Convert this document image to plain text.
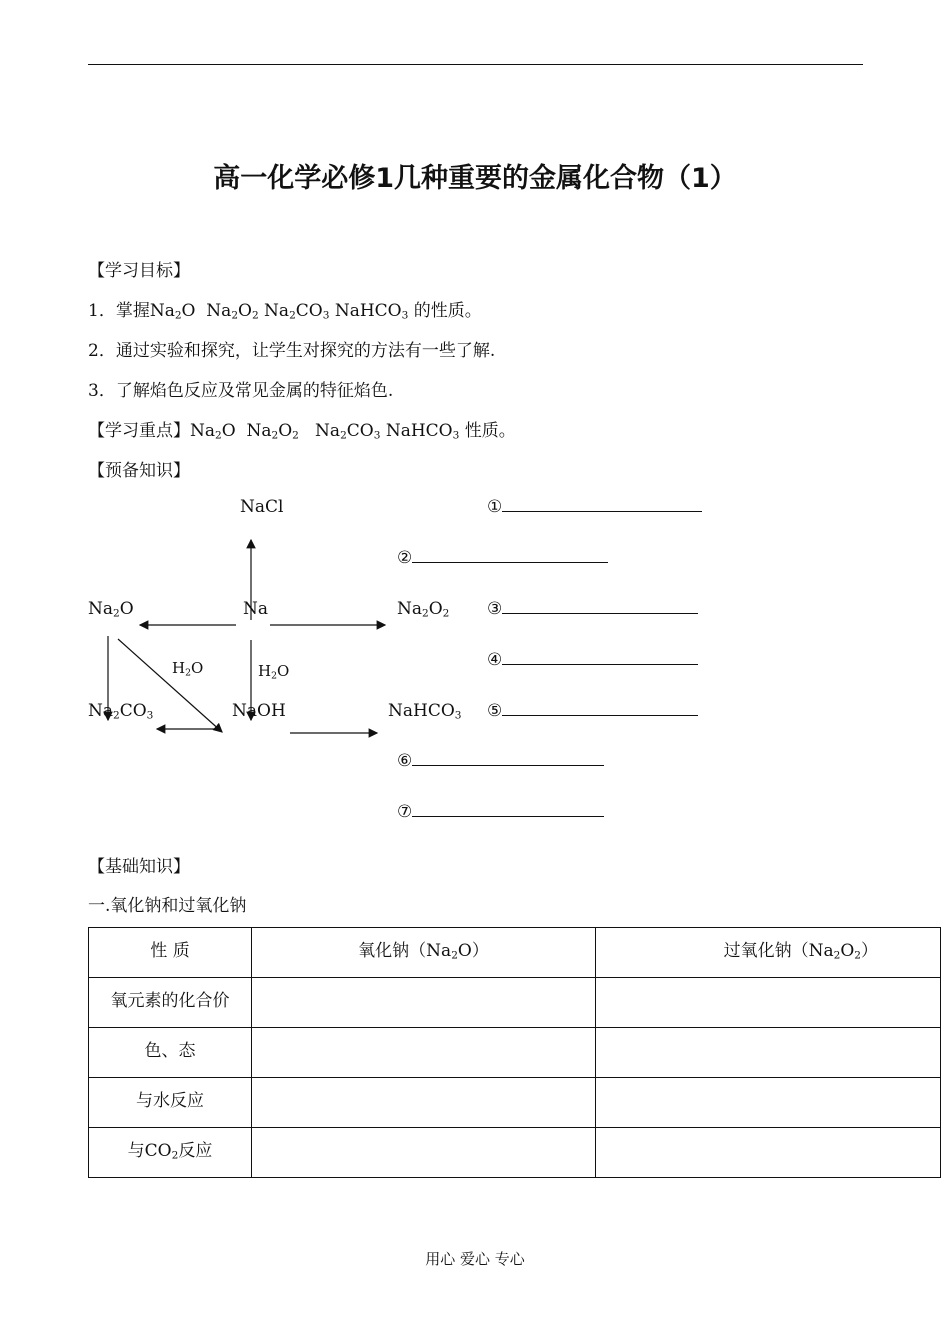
高一化学必修1几种重要的金属化合物（1）
【学习目标】
1．掌握$Na_2O$  $Na_2O_2$ $Na_2CO_3$ NaHCO$_3$ 的性质。
2．通过实验和探究，让学生对探究的方法有一些了解.
3．了解焰色反应及常见金属的特征焰色.
【学习重点】$Na_2O$  $Na_2O_2$   $Na_2CO_3$ NaHCO$_3$ 性质。
【预备知识】
NaCl
$Na_2O$	Na	$Na_2O_2$
$H_2O$	$H_2O$
$Na_2CO_3$	NaOH	NaHCO$_3$
①
②
③
④
⑤
⑥
⑦
【基础知识】
一.氧化钠和过氧化钠
性 质	氧化钠$(Na_2O)$	过氧化钠$(Na_2O_2)$
氧元素的化合价		
色、态		
与水反应		
与$CO_2$反应		
用心 爱心 专心
